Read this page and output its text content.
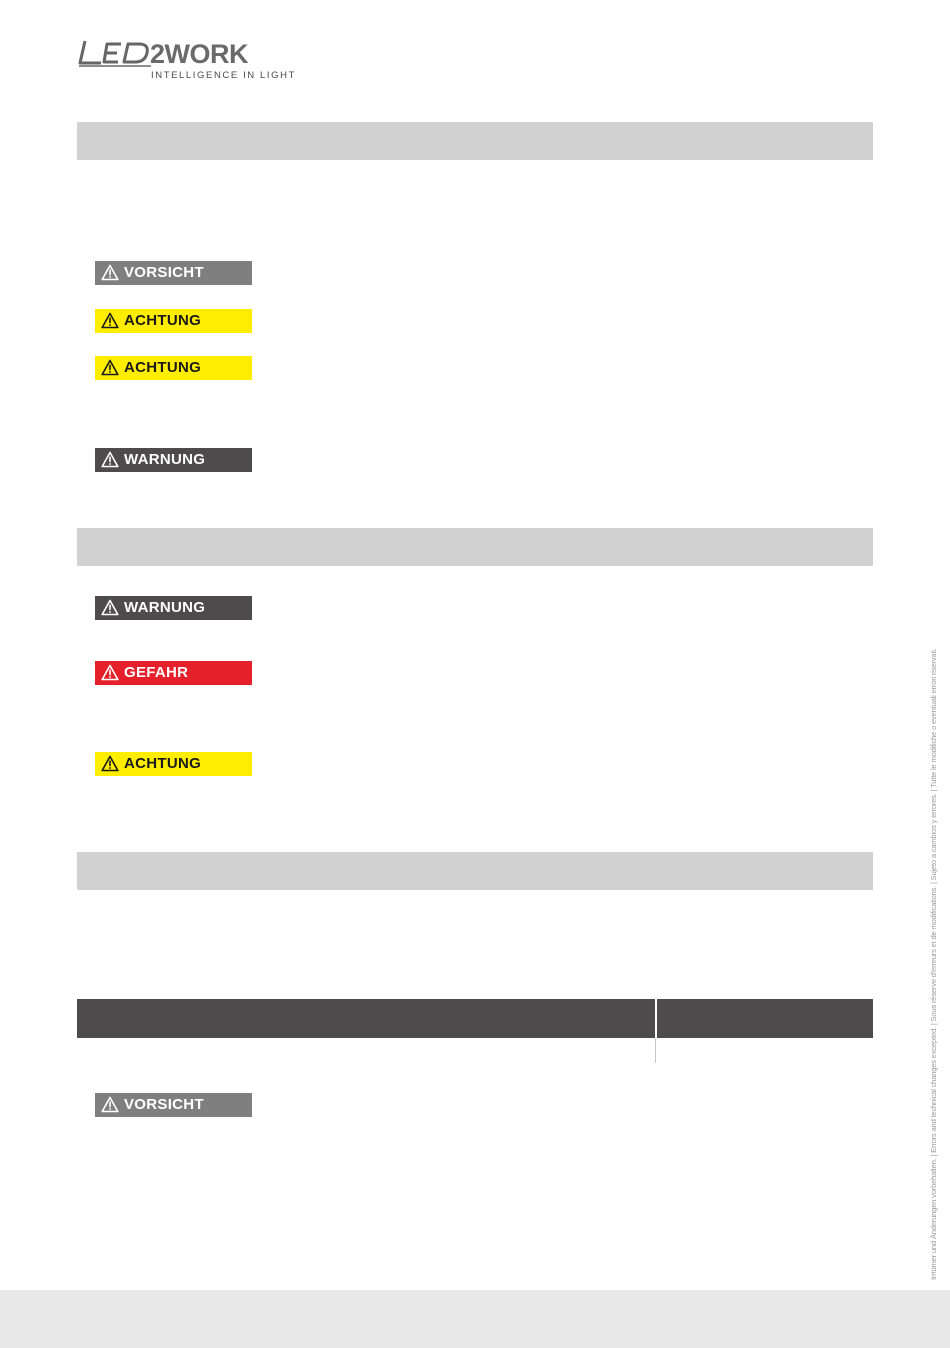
2WORK
INTELLIGENCE IN LIGHT
VORSICHT
ACHTUNG
ACHTUNG
WARNUNG
WARNUNG
GEFAHR
ACHTUNG
VORSICHT	Irrtümer und Änderungen vorbehalten. | Errors and technical changes excepted. | Sous réserve d'erreurs et de modifications. | Sujeto a cambios y errores. | Tutte le modifiche o eventuali errori riservati.
